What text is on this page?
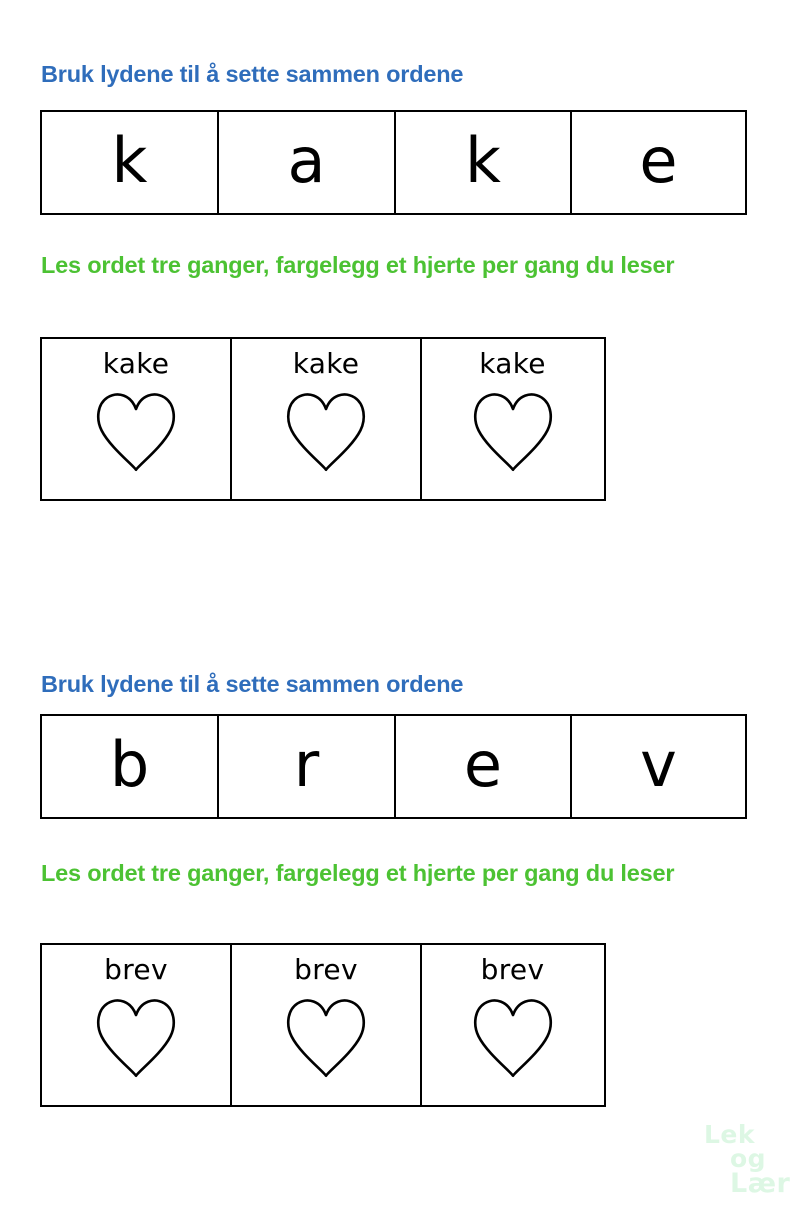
Bruk lydene til å sette sammen ordene
k	a	k	e
Les ordet tre ganger, fargelegg et hjerte per gang du leser
kake	kake	kake
Bruk lydene til å sette sammen ordene
b	r	e	v
Les ordet tre ganger, fargelegg et hjerte per gang du leser
brev	brev	brev
Lek
og
Lær
